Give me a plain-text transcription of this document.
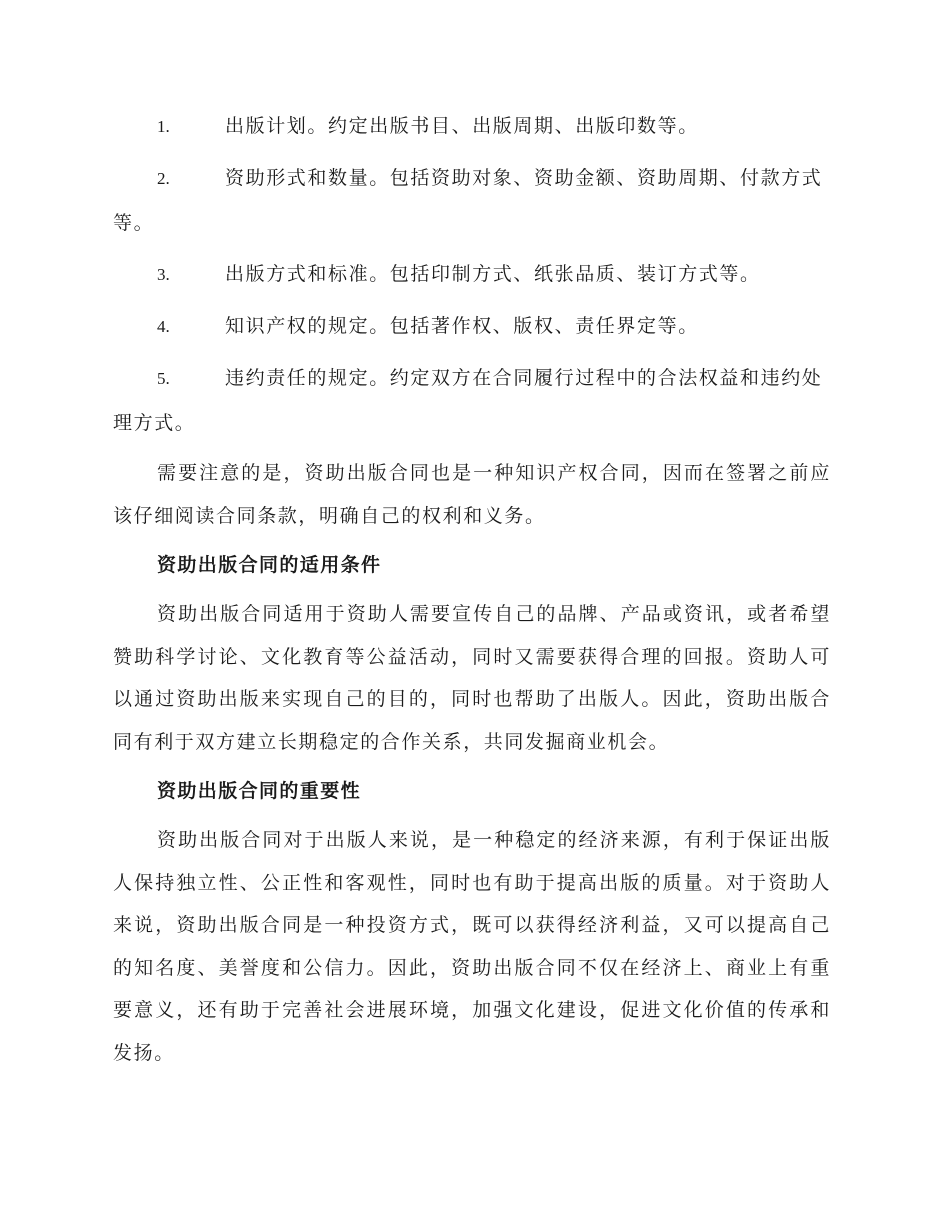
1.	出版计划。约定出版书目、出版周期、出版印数等。
2.	资助形式和数量。包括资助对象、资助金额、资助周期、付款方式等。
3.	出版方式和标准。包括印制方式、纸张品质、装订方式等。
4.	知识产权的规定。包括著作权、版权、责任界定等。
5.	违约责任的规定。约定双方在合同履行过程中的合法权益和违约处理方式。

需要注意的是，资助出版合同也是一种知识产权合同，因而在签署之前应该仔细阅读合同条款，明确自己的权利和义务。

资助出版合同的适用条件

资助出版合同适用于资助人需要宣传自己的品牌、产品或资讯，或者希望赞助科学讨论、文化教育等公益活动，同时又需要获得合理的回报。资助人可以通过资助出版来实现自己的目的，同时也帮助了出版人。因此，资助出版合同有利于双方建立长期稳定的合作关系，共同发掘商业机会。

资助出版合同的重要性

资助出版合同对于出版人来说，是一种稳定的经济来源，有利于保证出版人保持独立性、公正性和客观性，同时也有助于提高出版的质量。对于资助人来说，资助出版合同是一种投资方式，既可以获得经济利益，又可以提高自己的知名度、美誉度和公信力。因此，资助出版合同不仅在经济上、商业上有重要意义，还有助于完善社会进展环境，加强文化建设，促进文化价值的传承和发扬。
